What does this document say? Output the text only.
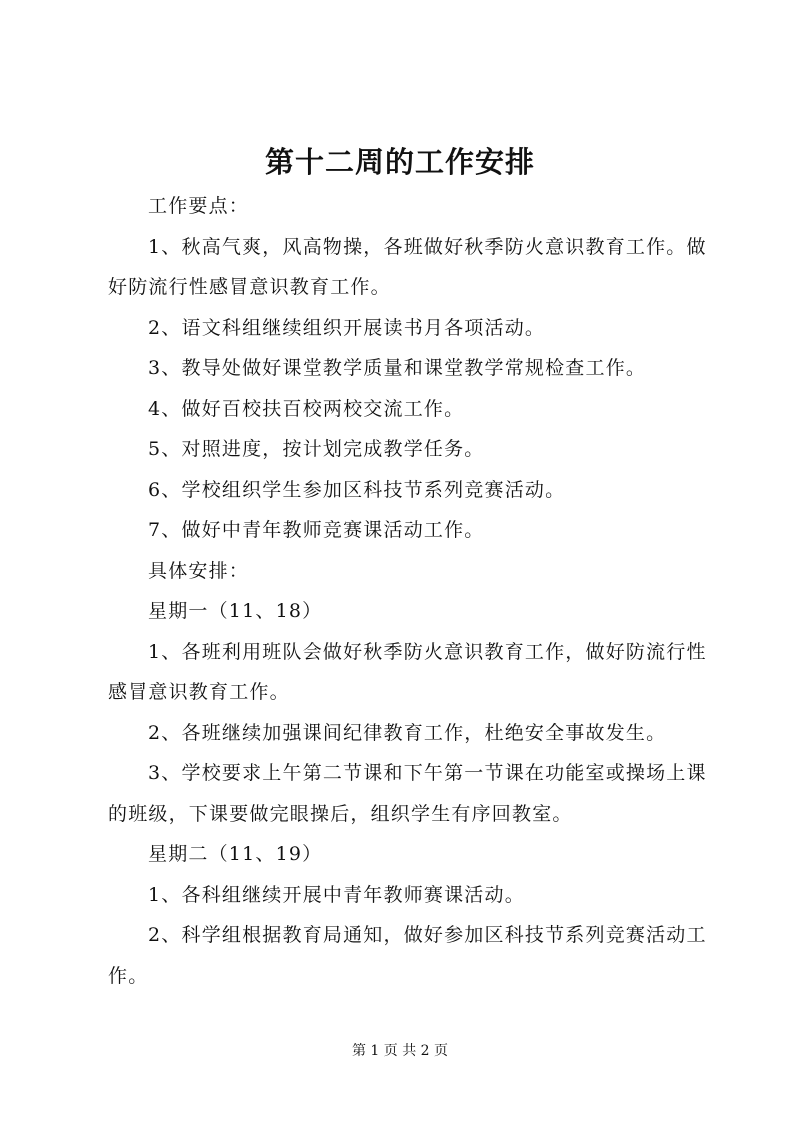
第十二周的工作安排

工作要点：

1、秋高气爽，风高物操，各班做好秋季防火意识教育工作。做好防流行性感冒意识教育工作。

2、语文科组继续组织开展读书月各项活动。

3、教导处做好课堂教学质量和课堂教学常规检查工作。

4、做好百校扶百校两校交流工作。

5、对照进度，按计划完成教学任务。

6、学校组织学生参加区科技节系列竞赛活动。

7、做好中青年教师竞赛课活动工作。

具体安排：

星期一（11、18）

1、各班利用班队会做好秋季防火意识教育工作，做好防流行性感冒意识教育工作。

2、各班继续加强课间纪律教育工作，杜绝安全事故发生。

3、学校要求上午第二节课和下午第一节课在功能室或操场上课的班级，下课要做完眼操后，组织学生有序回教室。

星期二（11、19）

1、各科组继续开展中青年教师赛课活动。

2、科学组根据教育局通知，做好参加区科技节系列竞赛活动工作。

第 1 页 共 2 页
